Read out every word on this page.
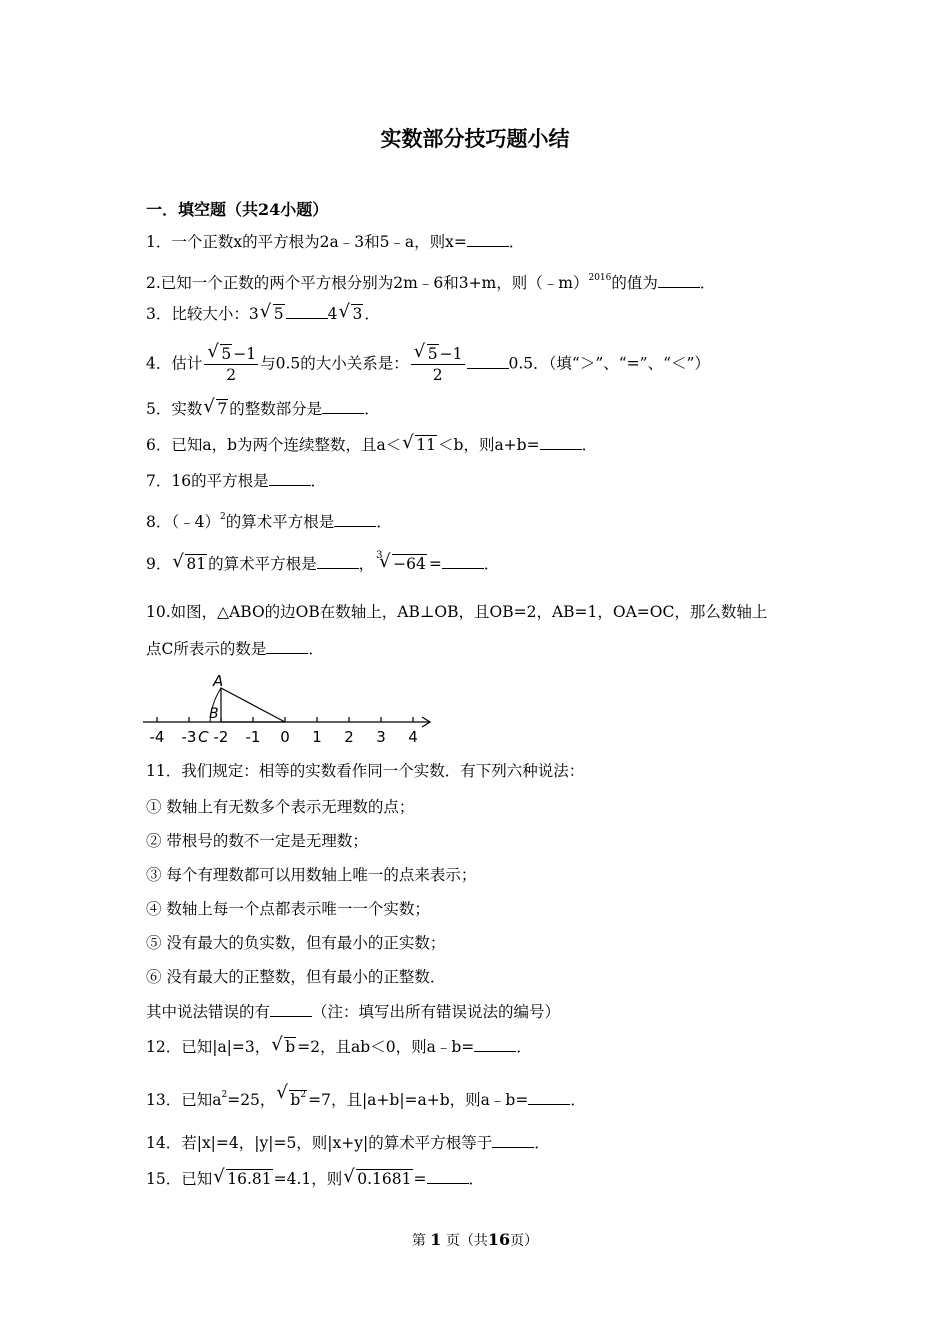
实数部分技巧题小结
一．填空题（共24小题）
1．一个正数x的平方根为2a﹣3和5﹣a，则x=	．
2.已知一个正数的两个平方根分别为2m﹣6和3+m，则（﹣m）$^{2016}$的值为	．
3．比较大小：3 √ 5	4 √ 3 ．
4．估计 √ $\frac{5 -1}{2}$ 与0.5的大小关系是： √ $\frac{5 -1}{2}$	0.5．（填“＞”、“=”、“＜”）
5．实数 √ 7 的整数部分是	．
6．已知a，b为两个连续整数，且a＜ √ 11 ＜b，则a+b=	．
7．16的平方根是	．
8．（﹣4）$^2$的算术平方根是	．
9． √ 81 的算术平方根是	， √ 3 −64 =	．
10.如图，△ABO的边OB在数轴上，AB⊥OB，且OB=2，AB=1，OA=OC，那么数轴上
点C所表示的数是	．
A
B
-4 -3 C -2 -1 0 1 2 3 4
11．我们规定：相等的实数看作同一个实数．有下列六种说法：
① 数轴上有无数多个表示无理数的点；
② 带根号的数不一定是无理数；
③ 每个有理数都可以用数轴上唯一的点来表示；
④ 数轴上每一个点都表示唯一一个实数；
⑤ 没有最大的负实数，但有最小的正实数；
⑥ 没有最大的正整数，但有最小的正整数．
其中说法错误的有	（注：填写出所有错误说法的编号）
12．已知|a|=3， √ b =2，且ab＜0，则a﹣b=	．
13．已知$a^2=25$， √ $b^2 =7$，且|a+b|=a+b，则a﹣b=	．
14．若|x|=4，|y|=5，则|x+y|的算术平方根等于	．
15．已知 √ 16.81 =4.1，则 √ 0.1681 =	．
第 1 页（共16页）
